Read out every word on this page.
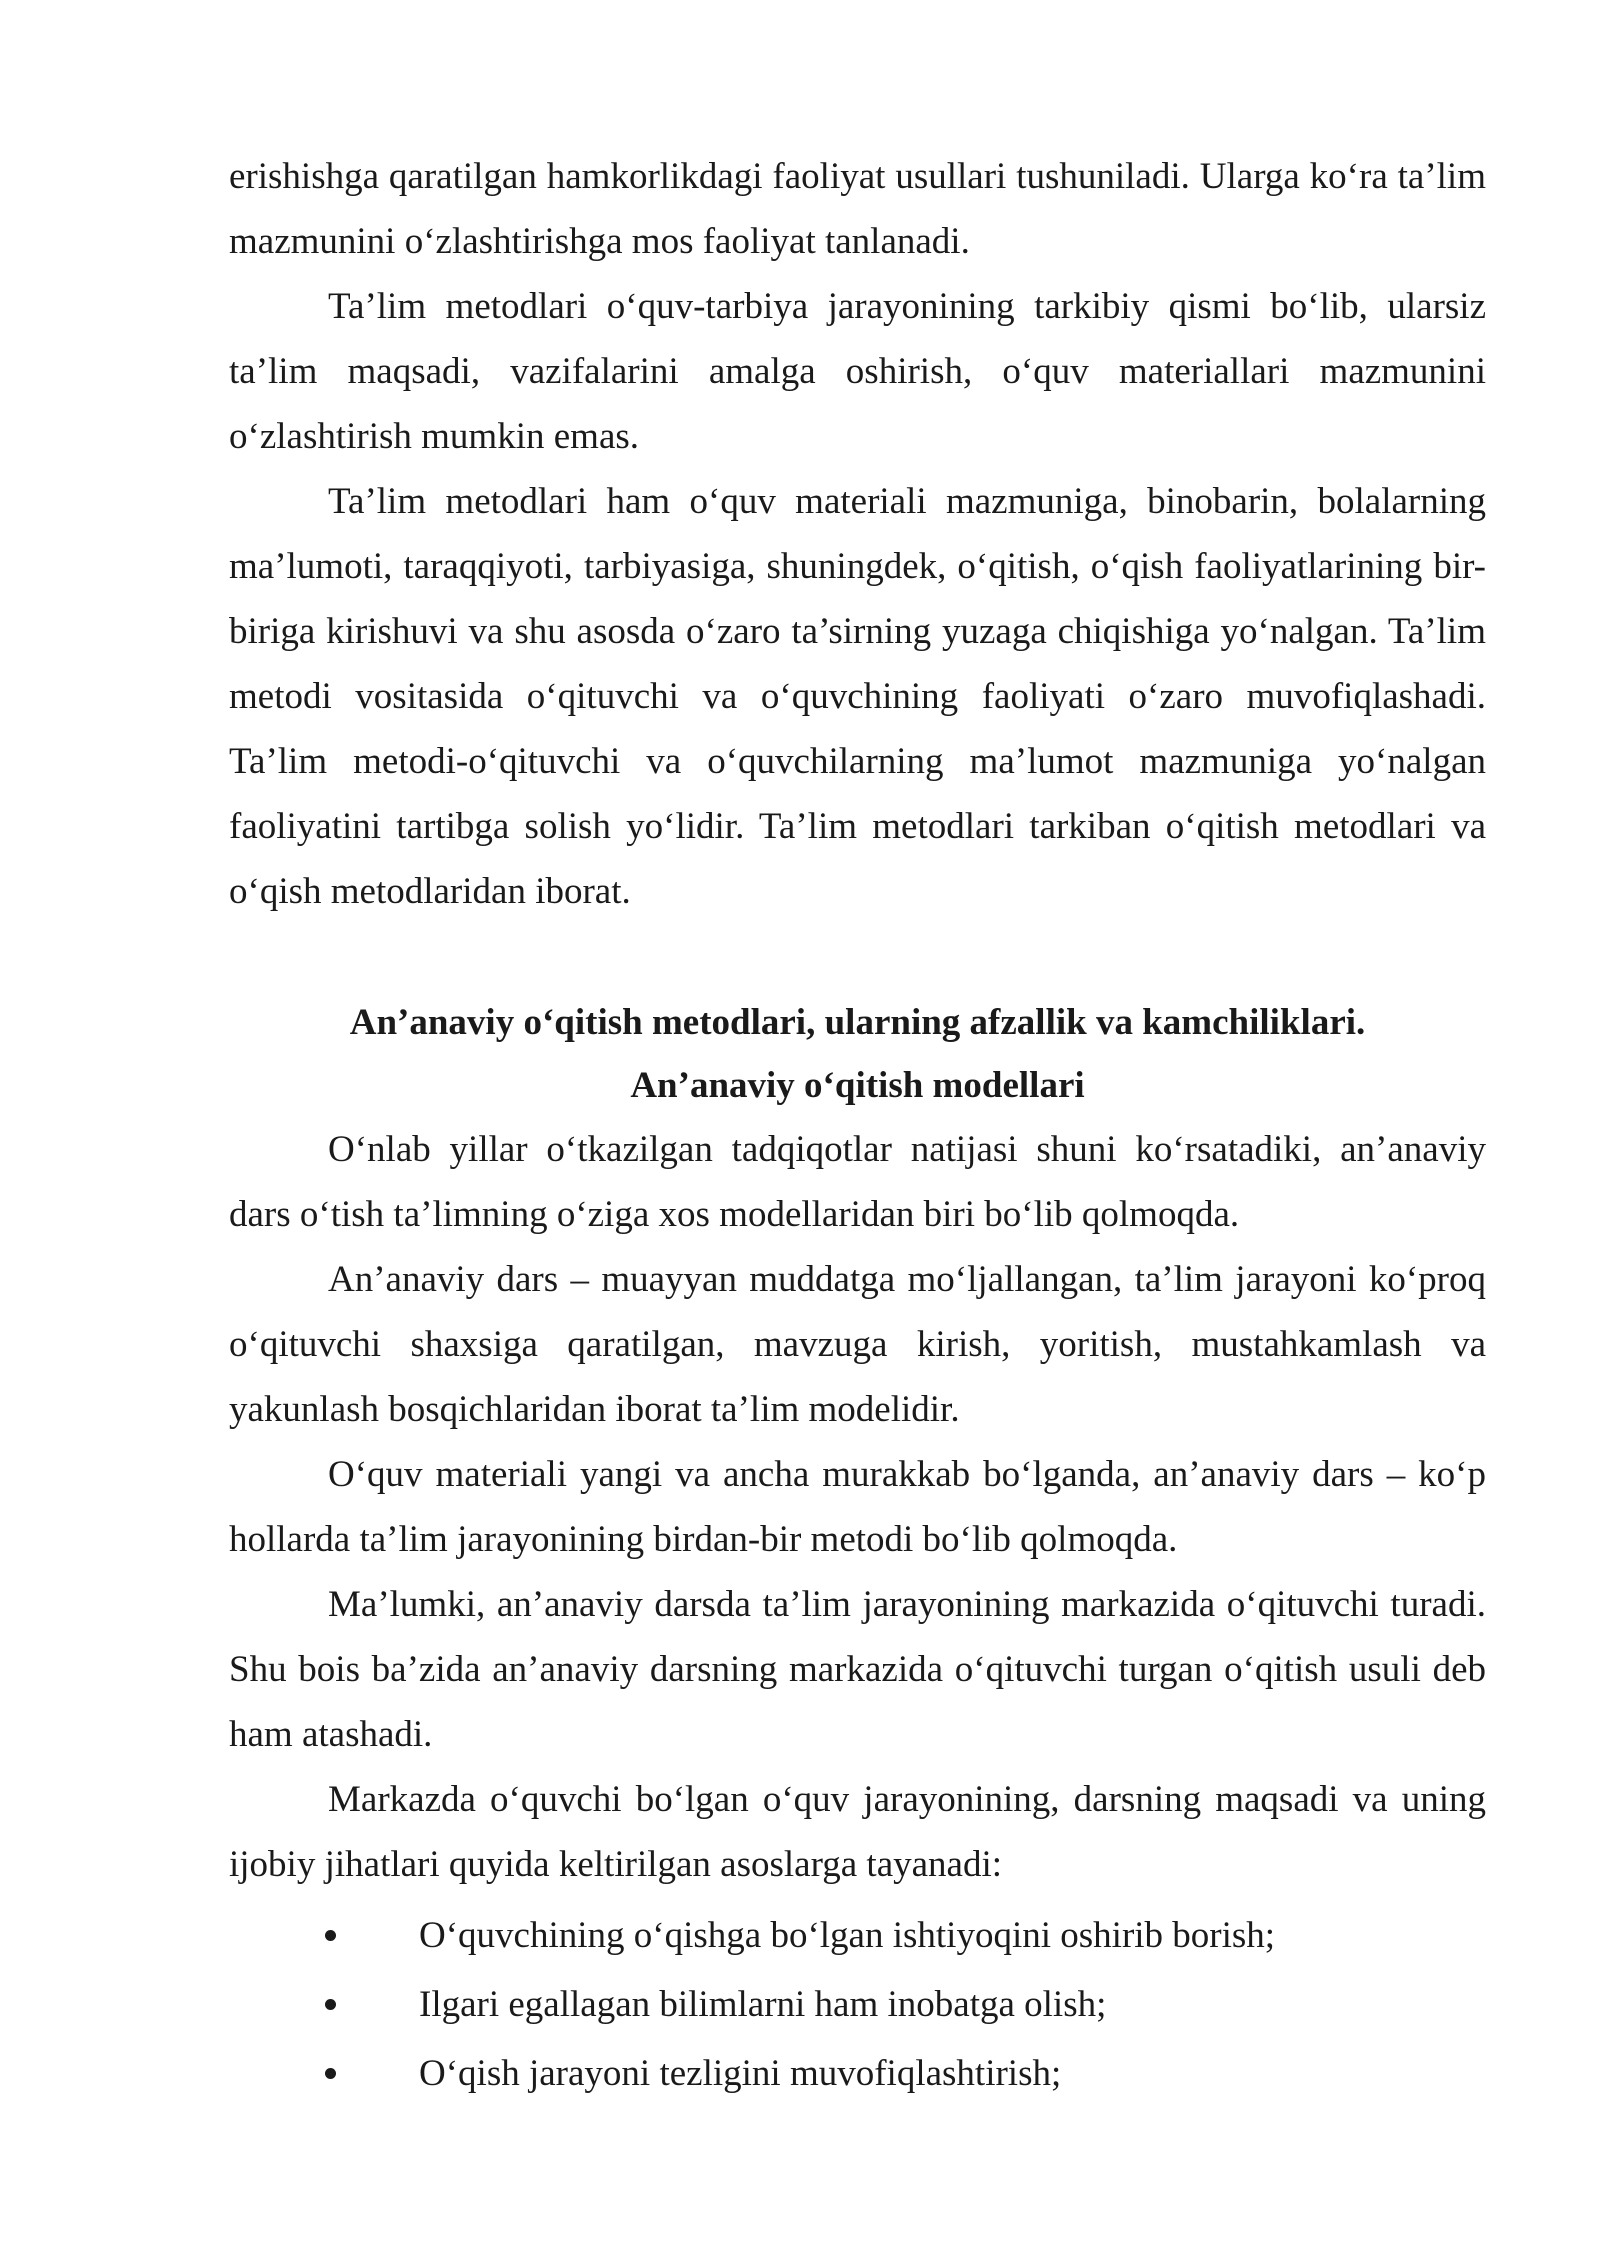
erishishga qaratilgan hamkorlikdagi faoliyat usullari tushuniladi. Ularga koʻra ta’lim mazmunini oʻzlashtirishga mos faoliyat tanlanadi.

Ta’lim metodlari oʻquv-tarbiya jarayonining tarkibiy qismi boʻlib, ularsiz ta’lim maqsadi, vazifalarini amalga oshirish, oʻquv materiallari mazmunini oʻzlashtirish mumkin emas.

Ta’lim metodlari ham oʻquv materiali mazmuniga, binobarin, bolalarning ma’lumoti, taraqqiyoti, tarbiyasiga, shuningdek, oʻqitish, oʻqish faoliyatlarining bir-biriga kirishuvi va shu asosda oʻzaro ta’sirning yuzaga chiqishiga yoʻnalgan. Ta’lim metodi vositasida oʻqituvchi va oʻquvchining faoliyati oʻzaro muvofiqlashadi. Ta’lim metodi-oʻqituvchi va oʻquvchilarning ma’lumot mazmuniga yoʻnalgan faoliyatini tartibga solish yoʻlidir. Ta’lim metodlari tarkiban oʻqitish metodlari va oʻqish metodlaridan iborat.

An’anaviy oʻqitish metodlari, ularning afzallik va kamchiliklari.
An’anaviy oʻqitish modellari

Oʻnlab yillar oʻtkazilgan tadqiqotlar natijasi shuni koʻrsatadiki, an’anaviy dars oʻtish ta’limning oʻziga xos modellaridan biri boʻlib qolmoqda.

An’anaviy dars – muayyan muddatga moʻljallangan, ta’lim jarayoni koʻproq oʻqituvchi shaxsiga qaratilgan, mavzuga kirish, yoritish, mustahkamlash va yakunlash bosqichlaridan iborat ta’lim modelidir.

Oʻquv materiali yangi va ancha murakkab boʻlganda, an’anaviy dars – koʻp hollarda ta’lim jarayonining birdan-bir metodi boʻlib qolmoqda.

Ma’lumki, an’anaviy darsda ta’lim jarayonining markazida oʻqituvchi turadi. Shu bois ba’zida an’anaviy darsning markazida oʻqituvchi turgan oʻqitish usuli deb ham atashadi.

Markazda oʻquvchi boʻlgan oʻquv jarayonining, darsning maqsadi va uning ijobiy jihatlari quyida keltirilgan asoslarga tayanadi:

Oʻquvchining oʻqishga boʻlgan ishtiyoqini oshirib borish;
Ilgari egallagan bilimlarni ham inobatga olish;
Oʻqish jarayoni tezligini muvofiqlashtirish;
